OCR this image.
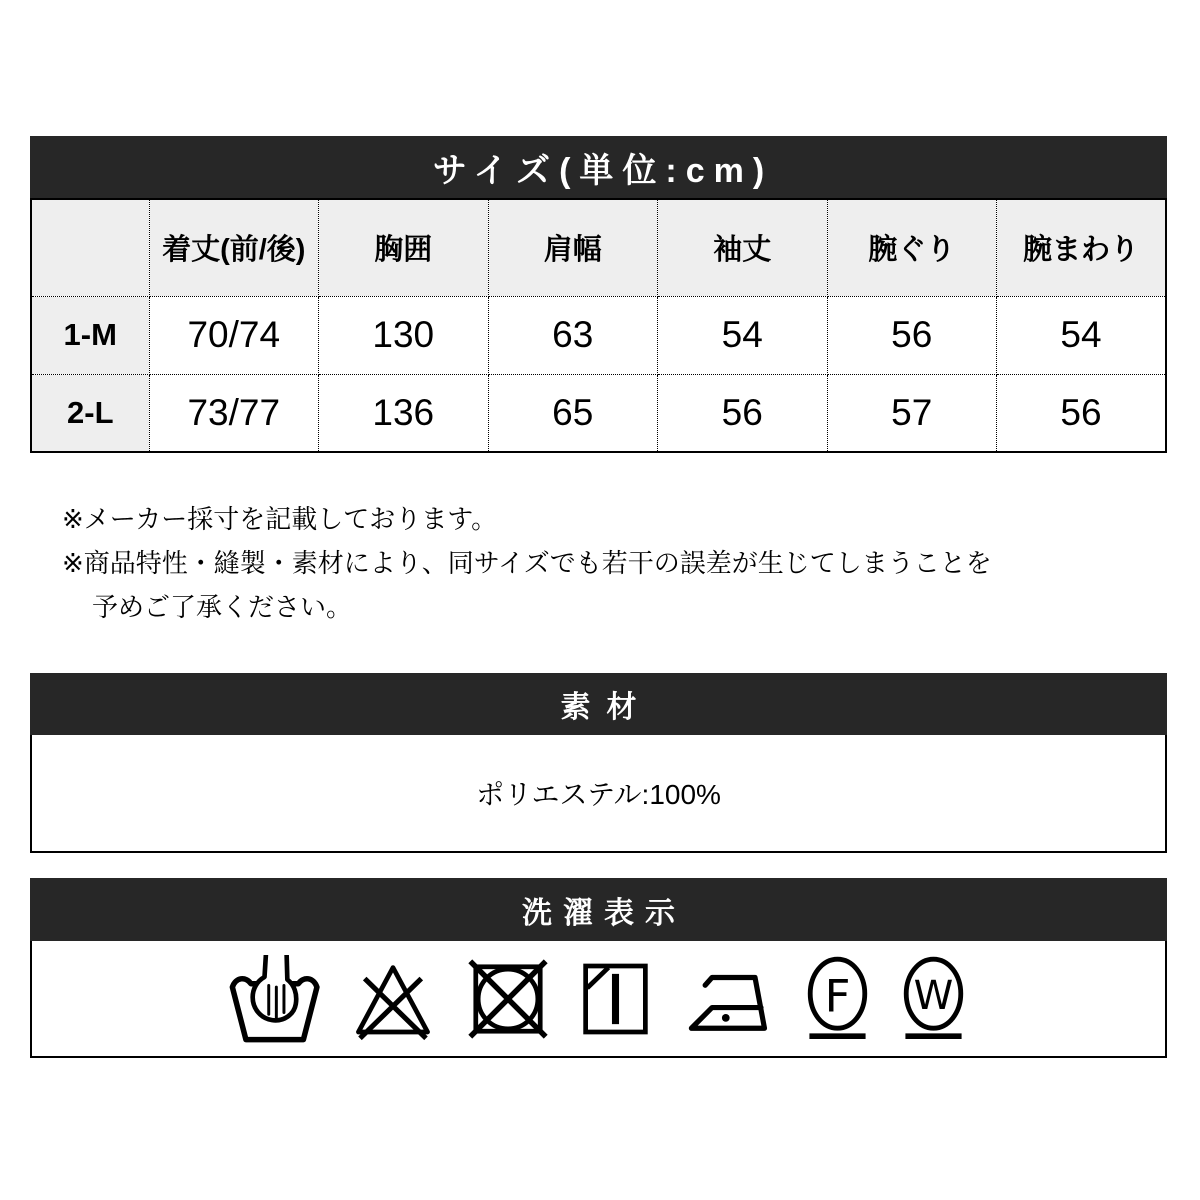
サイズ(単位:cm)
	着丈(前/後)	胸囲	肩幅	袖丈	腕ぐり	腕まわり
1-M	70/74	130	63	54	56	54
2-L	73/77	136	65	56	57	56
※メーカー採寸を記載しております。
※商品特性・縫製・素材により、同サイズでも若干の誤差が生じてしまうことを
予めご了承ください。
素材
ポリエステル:100%
洗濯表示
F W
